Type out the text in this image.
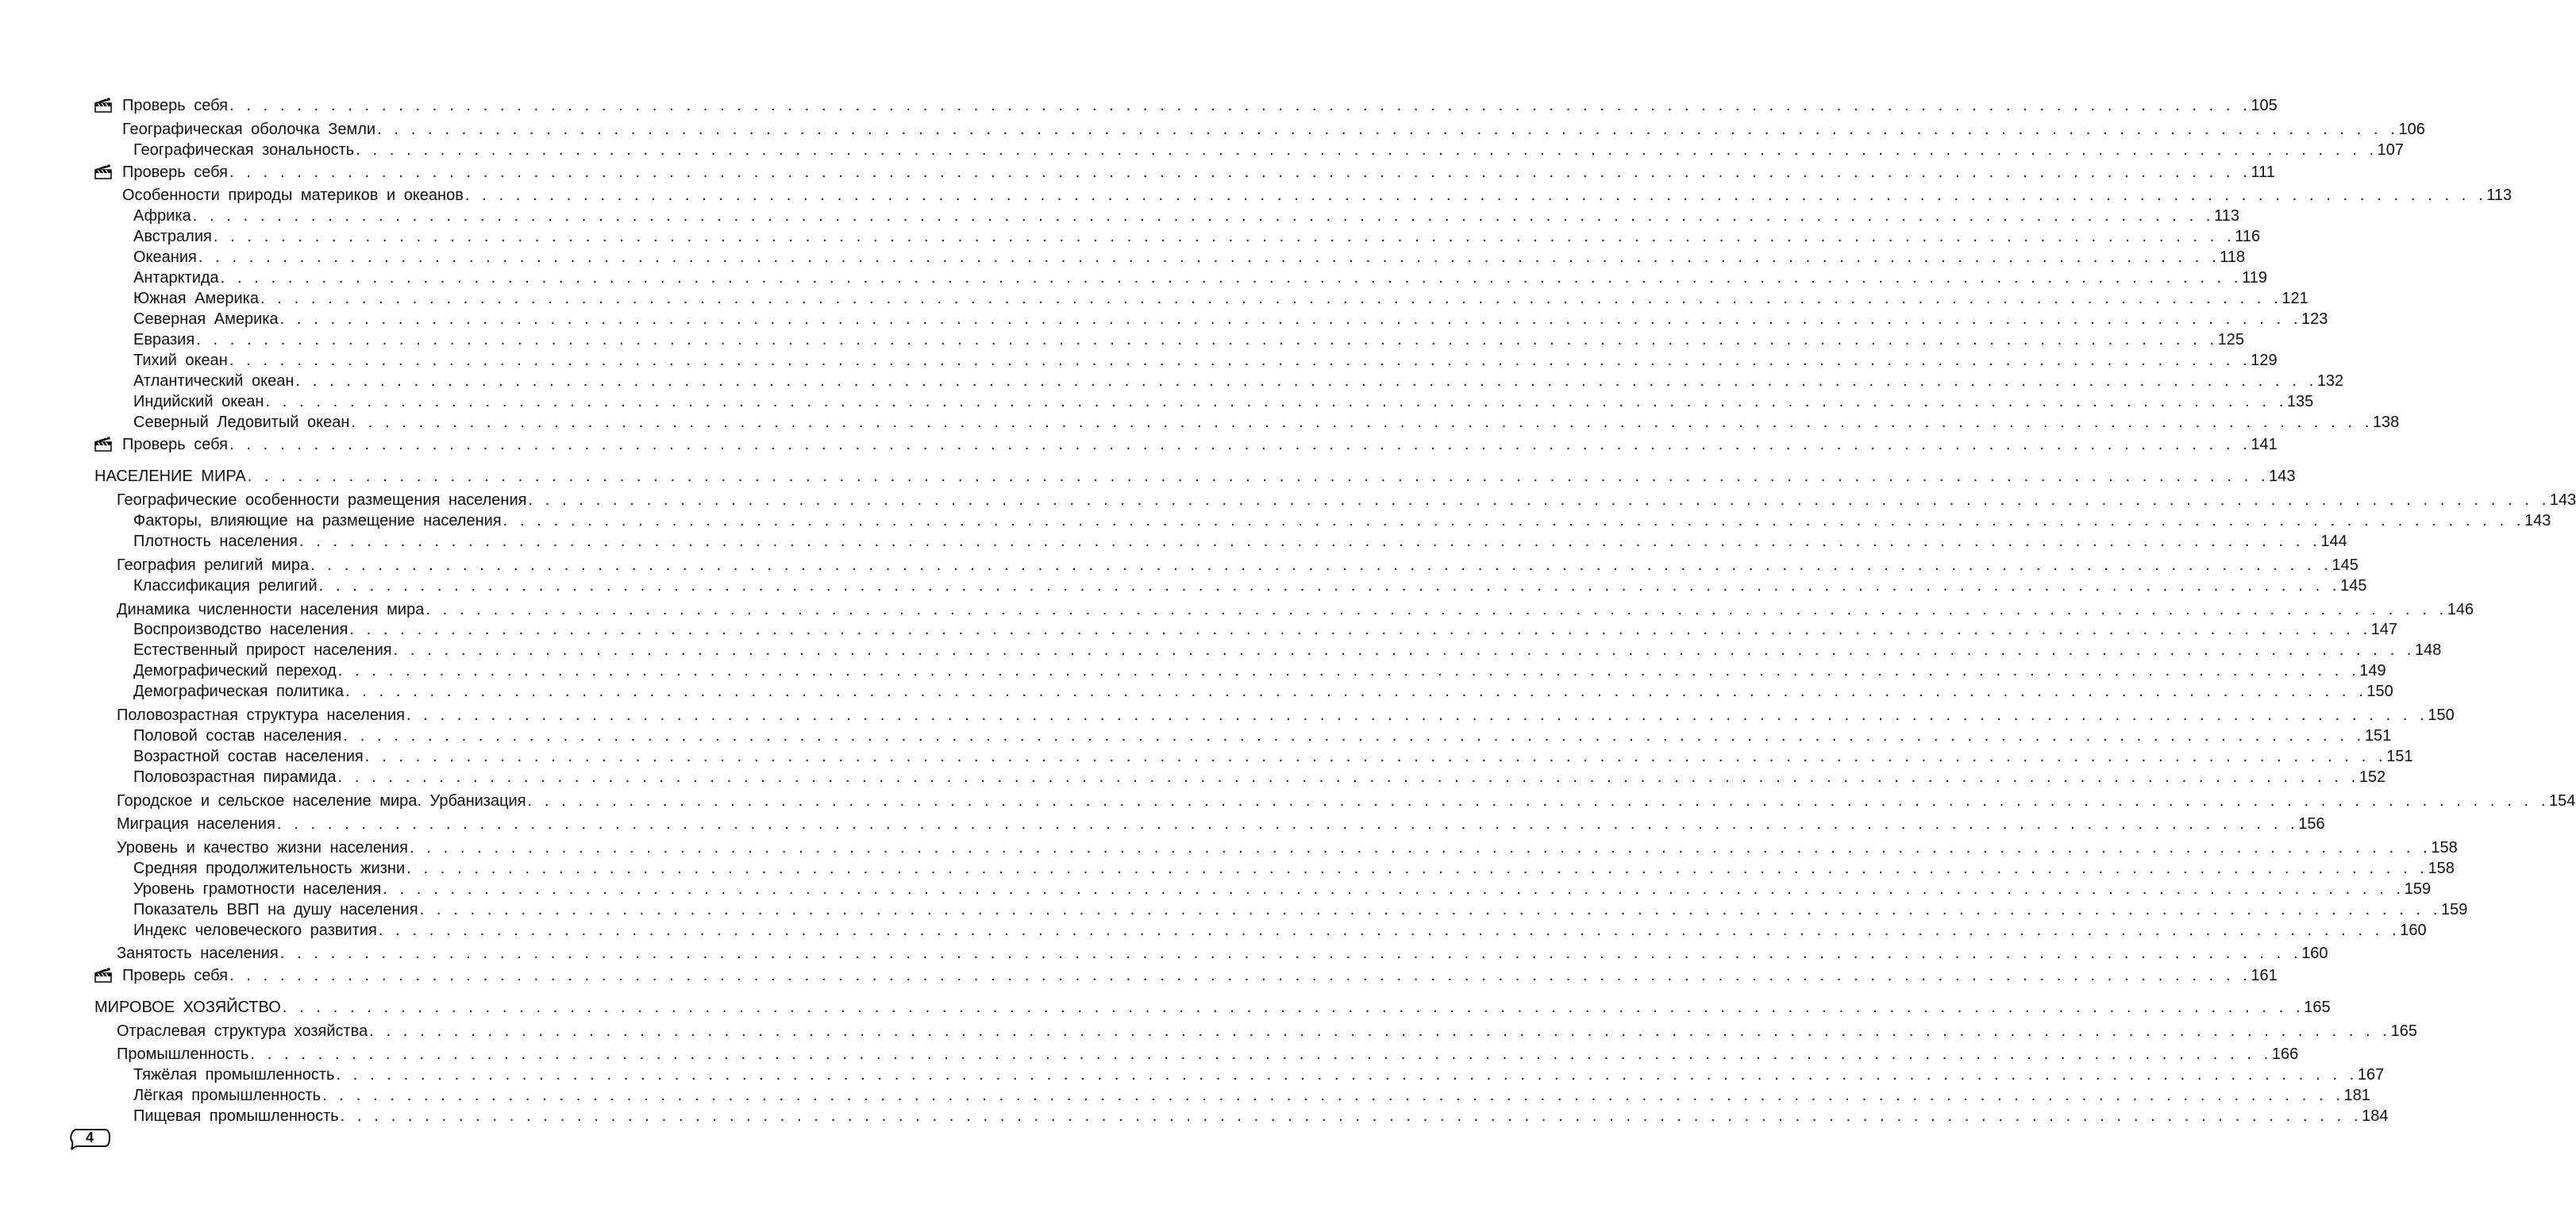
Проверь себя . . . . . . . . . . . . . . . . . . . . . . . . . . . . . . . . . . . . . . . . . . . . . . . . . . . . . . . . . . . . . . . . . . . . . . . . . . . . . . . . . . . . . . . . . . . . . . . . . . . . . . . . . . . . . . . . . . . . . . . . 105
Географическая оболочка Земли . . . . . . . . . . . . . . . . . . . . . . . . . . . . . . . . . . . . . . . . . . . . . . . . . . . . . . . . . . . . . . . . . . . . . . . . . . . . . . . . . . . . . . . . . . . . . . . . . . . . . . . . . . . . . . . . . . . . . . . . 106
Географическая зональность . . . . . . . . . . . . . . . . . . . . . . . . . . . . . . . . . . . . . . . . . . . . . . . . . . . . . . . . . . . . . . . . . . . . . . . . . . . . . . . . . . . . . . . . . . . . . . . . . . . . . . . . . . . . . . . . . . . . . . . . 107
Проверь себя . . . . . . . . . . . . . . . . . . . . . . . . . . . . . . . . . . . . . . . . . . . . . . . . . . . . . . . . . . . . . . . . . . . . . . . . . . . . . . . . . . . . . . . . . . . . . . . . . . . . . . . . . . . . . . . . . . . . . . . . 111
Особенности природы материков и океанов . . . . . . . . . . . . . . . . . . . . . . . . . . . . . . . . . . . . . . . . . . . . . . . . . . . . . . . . . . . . . . . . . . . . . . . . . . . . . . . . . . . . . . . . . . . . . . . . . . . . . . . . . . . . . . . . . . . . . . . . 113
Африка . . . . . . . . . . . . . . . . . . . . . . . . . . . . . . . . . . . . . . . . . . . . . . . . . . . . . . . . . . . . . . . . . . . . . . . . . . . . . . . . . . . . . . . . . . . . . . . . . . . . . . . . . . . . . . . . . . . . . . . . 113
Австралия . . . . . . . . . . . . . . . . . . . . . . . . . . . . . . . . . . . . . . . . . . . . . . . . . . . . . . . . . . . . . . . . . . . . . . . . . . . . . . . . . . . . . . . . . . . . . . . . . . . . . . . . . . . . . . . . . . . . . . . . 116
Океания . . . . . . . . . . . . . . . . . . . . . . . . . . . . . . . . . . . . . . . . . . . . . . . . . . . . . . . . . . . . . . . . . . . . . . . . . . . . . . . . . . . . . . . . . . . . . . . . . . . . . . . . . . . . . . . . . . . . . . . . 118
Антарктида . . . . . . . . . . . . . . . . . . . . . . . . . . . . . . . . . . . . . . . . . . . . . . . . . . . . . . . . . . . . . . . . . . . . . . . . . . . . . . . . . . . . . . . . . . . . . . . . . . . . . . . . . . . . . . . . . . . . . . . . 119
Южная Америка . . . . . . . . . . . . . . . . . . . . . . . . . . . . . . . . . . . . . . . . . . . . . . . . . . . . . . . . . . . . . . . . . . . . . . . . . . . . . . . . . . . . . . . . . . . . . . . . . . . . . . . . . . . . . . . . . . . . . . . . 121
Северная Америка . . . . . . . . . . . . . . . . . . . . . . . . . . . . . . . . . . . . . . . . . . . . . . . . . . . . . . . . . . . . . . . . . . . . . . . . . . . . . . . . . . . . . . . . . . . . . . . . . . . . . . . . . . . . . . . . . . . . . . . . 123
Евразия . . . . . . . . . . . . . . . . . . . . . . . . . . . . . . . . . . . . . . . . . . . . . . . . . . . . . . . . . . . . . . . . . . . . . . . . . . . . . . . . . . . . . . . . . . . . . . . . . . . . . . . . . . . . . . . . . . . . . . . . 125
Тихий океан . . . . . . . . . . . . . . . . . . . . . . . . . . . . . . . . . . . . . . . . . . . . . . . . . . . . . . . . . . . . . . . . . . . . . . . . . . . . . . . . . . . . . . . . . . . . . . . . . . . . . . . . . . . . . . . . . . . . . . . . 129
Атлантический океан . . . . . . . . . . . . . . . . . . . . . . . . . . . . . . . . . . . . . . . . . . . . . . . . . . . . . . . . . . . . . . . . . . . . . . . . . . . . . . . . . . . . . . . . . . . . . . . . . . . . . . . . . . . . . . . . . . . . . . . . 132
Индийский океан . . . . . . . . . . . . . . . . . . . . . . . . . . . . . . . . . . . . . . . . . . . . . . . . . . . . . . . . . . . . . . . . . . . . . . . . . . . . . . . . . . . . . . . . . . . . . . . . . . . . . . . . . . . . . . . . . . . . . . . . 135
Северный Ледовитый океан . . . . . . . . . . . . . . . . . . . . . . . . . . . . . . . . . . . . . . . . . . . . . . . . . . . . . . . . . . . . . . . . . . . . . . . . . . . . . . . . . . . . . . . . . . . . . . . . . . . . . . . . . . . . . . . . . . . . . . . . 138
Проверь себя . . . . . . . . . . . . . . . . . . . . . . . . . . . . . . . . . . . . . . . . . . . . . . . . . . . . . . . . . . . . . . . . . . . . . . . . . . . . . . . . . . . . . . . . . . . . . . . . . . . . . . . . . . . . . . . . . . . . . . . . 141
НАСЕЛЕНИЕ МИРА . . . . . . . . . . . . . . . . . . . . . . . . . . . . . . . . . . . . . . . . . . . . . . . . . . . . . . . . . . . . . . . . . . . . . . . . . . . . . . . . . . . . . . . . . . . . . . . . . . . . . . . . . . . . . . . . . . . . . . . . 143
Географические особенности размещения населения . . . . . . . . . . . . . . . . . . . . . . . . . . . . . . . . . . . . . . . . . . . . . . . . . . . . . . . . . . . . . . . . . . . . . . . . . . . . . . . . . . . . . . . . . . . . . . . . . . . . . . . . . . . . . . . . . . . . . . . . 143
Факторы, влияющие на размещение населения . . . . . . . . . . . . . . . . . . . . . . . . . . . . . . . . . . . . . . . . . . . . . . . . . . . . . . . . . . . . . . . . . . . . . . . . . . . . . . . . . . . . . . . . . . . . . . . . . . . . . . . . . . . . . . . . . . . . . . . . 143
Плотность населения . . . . . . . . . . . . . . . . . . . . . . . . . . . . . . . . . . . . . . . . . . . . . . . . . . . . . . . . . . . . . . . . . . . . . . . . . . . . . . . . . . . . . . . . . . . . . . . . . . . . . . . . . . . . . . . . . . . . . . . . 144
География религий мира . . . . . . . . . . . . . . . . . . . . . . . . . . . . . . . . . . . . . . . . . . . . . . . . . . . . . . . . . . . . . . . . . . . . . . . . . . . . . . . . . . . . . . . . . . . . . . . . . . . . . . . . . . . . . . . . . . . . . . . . 145
Классификация религий . . . . . . . . . . . . . . . . . . . . . . . . . . . . . . . . . . . . . . . . . . . . . . . . . . . . . . . . . . . . . . . . . . . . . . . . . . . . . . . . . . . . . . . . . . . . . . . . . . . . . . . . . . . . . . . . . . . . . . . . 145
Динамика численности населения мира . . . . . . . . . . . . . . . . . . . . . . . . . . . . . . . . . . . . . . . . . . . . . . . . . . . . . . . . . . . . . . . . . . . . . . . . . . . . . . . . . . . . . . . . . . . . . . . . . . . . . . . . . . . . . . . . . . . . . . . . 146
Воспроизводство населения . . . . . . . . . . . . . . . . . . . . . . . . . . . . . . . . . . . . . . . . . . . . . . . . . . . . . . . . . . . . . . . . . . . . . . . . . . . . . . . . . . . . . . . . . . . . . . . . . . . . . . . . . . . . . . . . . . . . . . . . 147
Естественный прирост населения . . . . . . . . . . . . . . . . . . . . . . . . . . . . . . . . . . . . . . . . . . . . . . . . . . . . . . . . . . . . . . . . . . . . . . . . . . . . . . . . . . . . . . . . . . . . . . . . . . . . . . . . . . . . . . . . . . . . . . . . 148
Демографический переход . . . . . . . . . . . . . . . . . . . . . . . . . . . . . . . . . . . . . . . . . . . . . . . . . . . . . . . . . . . . . . . . . . . . . . . . . . . . . . . . . . . . . . . . . . . . . . . . . . . . . . . . . . . . . . . . . . . . . . . . 149
Демографическая политика . . . . . . . . . . . . . . . . . . . . . . . . . . . . . . . . . . . . . . . . . . . . . . . . . . . . . . . . . . . . . . . . . . . . . . . . . . . . . . . . . . . . . . . . . . . . . . . . . . . . . . . . . . . . . . . . . . . . . . . . 150
Половозрастная структура населения . . . . . . . . . . . . . . . . . . . . . . . . . . . . . . . . . . . . . . . . . . . . . . . . . . . . . . . . . . . . . . . . . . . . . . . . . . . . . . . . . . . . . . . . . . . . . . . . . . . . . . . . . . . . . . . . . . . . . . . . 150
Половой состав населения . . . . . . . . . . . . . . . . . . . . . . . . . . . . . . . . . . . . . . . . . . . . . . . . . . . . . . . . . . . . . . . . . . . . . . . . . . . . . . . . . . . . . . . . . . . . . . . . . . . . . . . . . . . . . . . . . . . . . . . . 151
Возрастной состав населения . . . . . . . . . . . . . . . . . . . . . . . . . . . . . . . . . . . . . . . . . . . . . . . . . . . . . . . . . . . . . . . . . . . . . . . . . . . . . . . . . . . . . . . . . . . . . . . . . . . . . . . . . . . . . . . . . . . . . . . . 151
Половозрастная пирамида . . . . . . . . . . . . . . . . . . . . . . . . . . . . . . . . . . . . . . . . . . . . . . . . . . . . . . . . . . . . . . . . . . . . . . . . . . . . . . . . . . . . . . . . . . . . . . . . . . . . . . . . . . . . . . . . . . . . . . . . 152
Городское и сельское население мира. Урбанизация . . . . . . . . . . . . . . . . . . . . . . . . . . . . . . . . . . . . . . . . . . . . . . . . . . . . . . . . . . . . . . . . . . . . . . . . . . . . . . . . . . . . . . . . . . . . . . . . . . . . . . . . . . . . . . . . . . . . . . . . 154
Миграция населения . . . . . . . . . . . . . . . . . . . . . . . . . . . . . . . . . . . . . . . . . . . . . . . . . . . . . . . . . . . . . . . . . . . . . . . . . . . . . . . . . . . . . . . . . . . . . . . . . . . . . . . . . . . . . . . . . . . . . . . . 156
Уровень и качество жизни населения . . . . . . . . . . . . . . . . . . . . . . . . . . . . . . . . . . . . . . . . . . . . . . . . . . . . . . . . . . . . . . . . . . . . . . . . . . . . . . . . . . . . . . . . . . . . . . . . . . . . . . . . . . . . . . . . . . . . . . . . 158
Средняя продолжительность жизни . . . . . . . . . . . . . . . . . . . . . . . . . . . . . . . . . . . . . . . . . . . . . . . . . . . . . . . . . . . . . . . . . . . . . . . . . . . . . . . . . . . . . . . . . . . . . . . . . . . . . . . . . . . . . . . . . . . . . . . . 158
Уровень грамотности населения . . . . . . . . . . . . . . . . . . . . . . . . . . . . . . . . . . . . . . . . . . . . . . . . . . . . . . . . . . . . . . . . . . . . . . . . . . . . . . . . . . . . . . . . . . . . . . . . . . . . . . . . . . . . . . . . . . . . . . . . 159
Показатель ВВП на душу населения . . . . . . . . . . . . . . . . . . . . . . . . . . . . . . . . . . . . . . . . . . . . . . . . . . . . . . . . . . . . . . . . . . . . . . . . . . . . . . . . . . . . . . . . . . . . . . . . . . . . . . . . . . . . . . . . . . . . . . . . 159
Индекс человеческого развития . . . . . . . . . . . . . . . . . . . . . . . . . . . . . . . . . . . . . . . . . . . . . . . . . . . . . . . . . . . . . . . . . . . . . . . . . . . . . . . . . . . . . . . . . . . . . . . . . . . . . . . . . . . . . . . . . . . . . . . . 160
Занятость населения . . . . . . . . . . . . . . . . . . . . . . . . . . . . . . . . . . . . . . . . . . . . . . . . . . . . . . . . . . . . . . . . . . . . . . . . . . . . . . . . . . . . . . . . . . . . . . . . . . . . . . . . . . . . . . . . . . . . . . . . 160
Проверь себя . . . . . . . . . . . . . . . . . . . . . . . . . . . . . . . . . . . . . . . . . . . . . . . . . . . . . . . . . . . . . . . . . . . . . . . . . . . . . . . . . . . . . . . . . . . . . . . . . . . . . . . . . . . . . . . . . . . . . . . . 161
МИРОВОЕ ХОЗЯЙСТВО . . . . . . . . . . . . . . . . . . . . . . . . . . . . . . . . . . . . . . . . . . . . . . . . . . . . . . . . . . . . . . . . . . . . . . . . . . . . . . . . . . . . . . . . . . . . . . . . . . . . . . . . . . . . . . . . . . . . . . . . 165
Отраслевая структура хозяйства . . . . . . . . . . . . . . . . . . . . . . . . . . . . . . . . . . . . . . . . . . . . . . . . . . . . . . . . . . . . . . . . . . . . . . . . . . . . . . . . . . . . . . . . . . . . . . . . . . . . . . . . . . . . . . . . . . . . . . . . 165
Промышленность . . . . . . . . . . . . . . . . . . . . . . . . . . . . . . . . . . . . . . . . . . . . . . . . . . . . . . . . . . . . . . . . . . . . . . . . . . . . . . . . . . . . . . . . . . . . . . . . . . . . . . . . . . . . . . . . . . . . . . . . 166
Тяжёлая промышленность . . . . . . . . . . . . . . . . . . . . . . . . . . . . . . . . . . . . . . . . . . . . . . . . . . . . . . . . . . . . . . . . . . . . . . . . . . . . . . . . . . . . . . . . . . . . . . . . . . . . . . . . . . . . . . . . . . . . . . . . 167
Лёгкая промышленность . . . . . . . . . . . . . . . . . . . . . . . . . . . . . . . . . . . . . . . . . . . . . . . . . . . . . . . . . . . . . . . . . . . . . . . . . . . . . . . . . . . . . . . . . . . . . . . . . . . . . . . . . . . . . . . . . . . . . . . . 181
Пищевая промышленность . . . . . . . . . . . . . . . . . . . . . . . . . . . . . . . . . . . . . . . . . . . . . . . . . . . . . . . . . . . . . . . . . . . . . . . . . . . . . . . . . . . . . . . . . . . . . . . . . . . . . . . . . . . . . . . . . . . . . . . . 184
4
